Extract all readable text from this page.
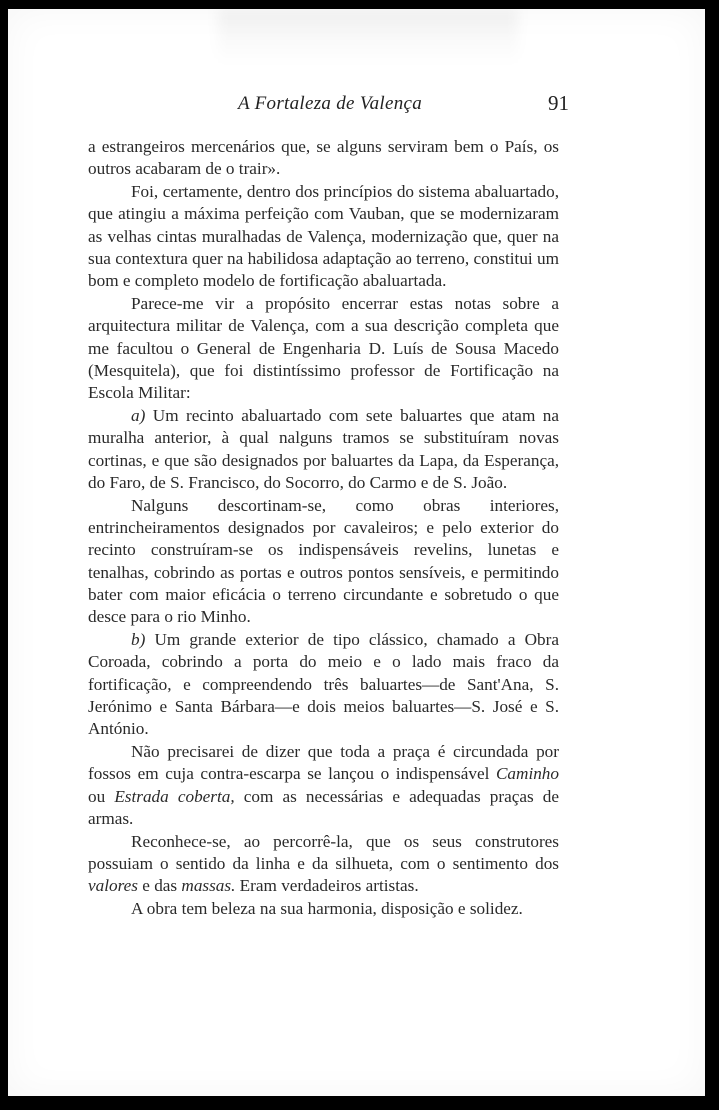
A Fortaleza de Valença	91

a estrangeiros mercenários que, se alguns serviram bem o País, os outros acabaram de o trair».

Foi, certamente, dentro dos princípios do sistema abaluartado, que atingiu a máxima perfeição com Vauban, que se modernizaram as velhas cintas muralhadas de Valença, modernização que, quer na sua contextura quer na habilidosa adaptação ao terreno, constitui um bom e completo modelo de fortificação abaluartada.

Parece-me vir a propósito encerrar estas notas sobre a arquitectura militar de Valença, com a sua descrição completa que me facultou o General de Engenharia D. Luís de Sousa Macedo (Mesquitela), que foi distintíssimo professor de Fortificação na Escola Militar:

a) Um recinto abaluartado com sete baluartes que atam na muralha anterior, à qual nalguns tramos se substituíram novas cortinas, e que são designados por baluartes da Lapa, da Esperança, do Faro, de S. Francisco, do Socorro, do Carmo e de S. João.

Nalguns descortinam-se, como obras interiores, entrincheiramentos designados por cavaleiros; e pelo exterior do recinto construíram-se os indispensáveis revelins, lunetas e tenalhas, cobrindo as portas e outros pontos sensíveis, e permitindo bater com maior eficácia o terreno circundante e sobretudo o que desce para o rio Minho.

b) Um grande exterior de tipo clássico, chamado a Obra Coroada, cobrindo a porta do meio e o lado mais fraco da fortificação, e compreendendo três baluartes—de Sant'Ana, S. Jerónimo e Santa Bárbara—e dois meios baluartes—S. José e S. António.

Não precisarei de dizer que toda a praça é circundada por fossos em cuja contra-escarpa se lançou o indispensável Caminho ou Estrada coberta, com as necessárias e adequadas praças de armas.

Reconhece-se, ao percorrê-la, que os seus construtores possuiam o sentido da linha e da silhueta, com o sentimento dos valores e das massas. Eram verdadeiros artistas.

A obra tem beleza na sua harmonia, disposição e solidez.
